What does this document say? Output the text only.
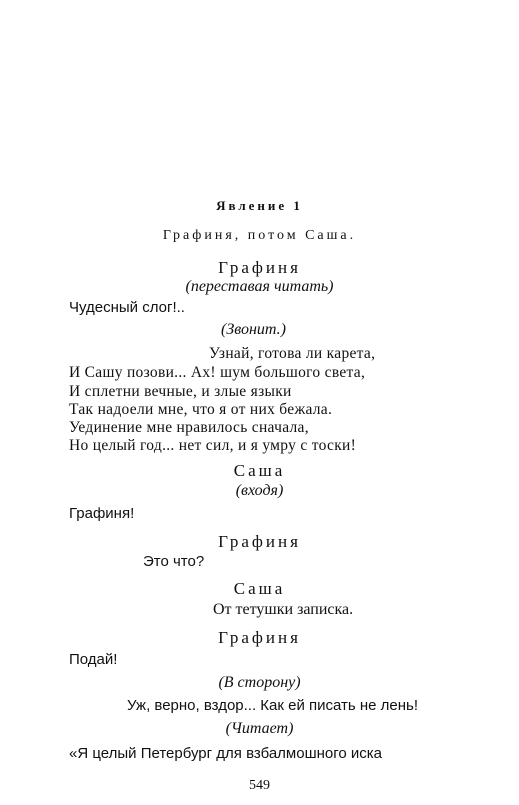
Явление 1
Графиня, потом Саша.
Графиня
(переставая читать)
Чудесный слог!..
(Звонит.)
Узнай, готова ли карета,
И Сашу позови... Ах! шум большого света,
И сплетни вечные, и злые языки
Так надоели мне, что я от них бежала.
Уединение мне нравилось сначала,
Но целый год... нет сил, и я умру с тоски!
Саша
(входя)
Графиня!
Графиня
Это что?
Саша
От тетушки записка.
Графиня
Подай!
(В сторону)
Уж, верно, вздор... Как ей писать не лень!
(Читает)
«Я целый Петербург для взбалмошного иска
549
